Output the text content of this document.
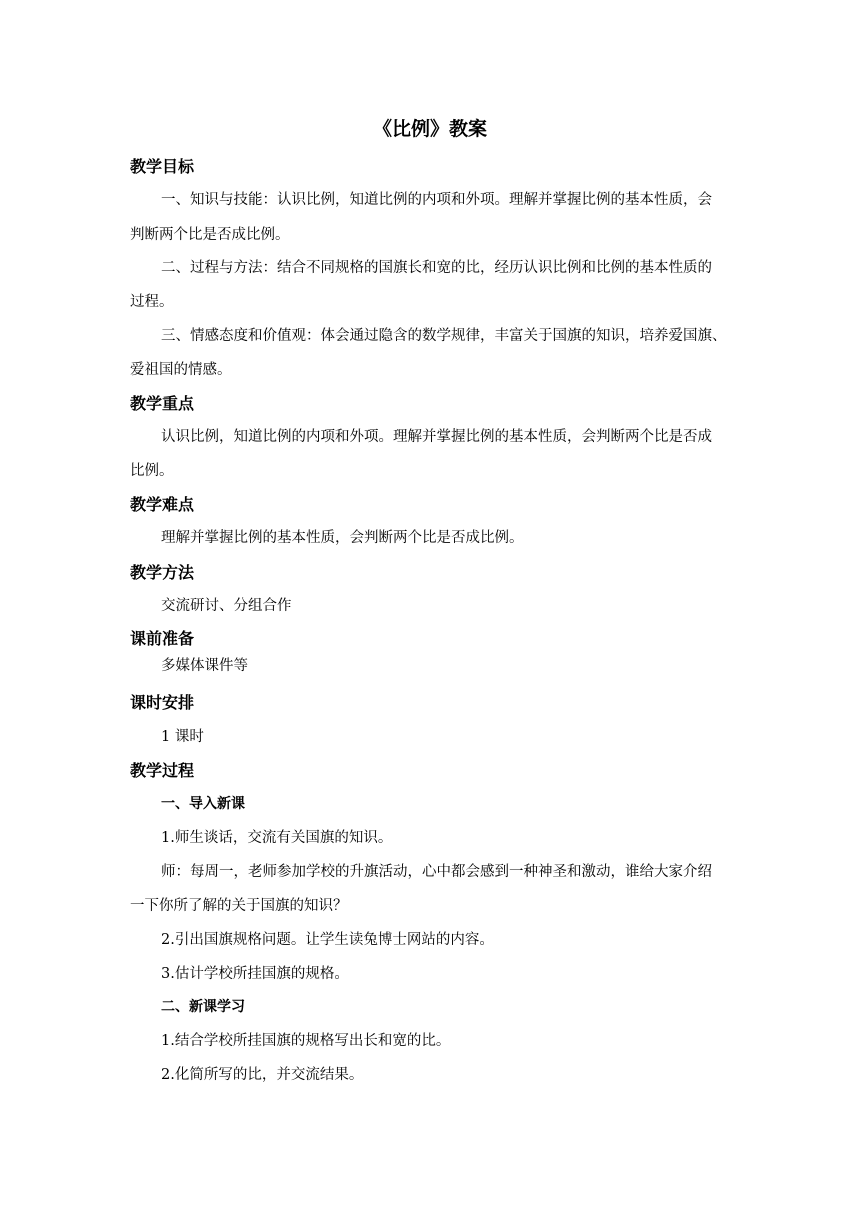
《比例》教案
教学目标
一、知识与技能：认识比例，知道比例的内项和外项。理解并掌握比例的基本性质，会
判断两个比是否成比例。
二、过程与方法：结合不同规格的国旗长和宽的比，经历认识比例和比例的基本性质的
过程。
三、情感态度和价值观：体会通过隐含的数学规律，丰富关于国旗的知识，培养爱国旗、
爱祖国的情感。
教学重点
认识比例，知道比例的内项和外项。理解并掌握比例的基本性质，会判断两个比是否成
比例。
教学难点
理解并掌握比例的基本性质，会判断两个比是否成比例。
教学方法
交流研讨、分组合作
课前准备
多媒体课件等
课时安排
1 课时
教学过程
一、导入新课
1.师生谈话，交流有关国旗的知识。
师：每周一，老师参加学校的升旗活动，心中都会感到一种神圣和激动，谁给大家介绍
一下你所了解的关于国旗的知识？
2.引出国旗规格问题。让学生读兔博士网站的内容。
3.估计学校所挂国旗的规格。
二、新课学习
1.结合学校所挂国旗的规格写出长和宽的比。
2.化简所写的比，并交流结果。
